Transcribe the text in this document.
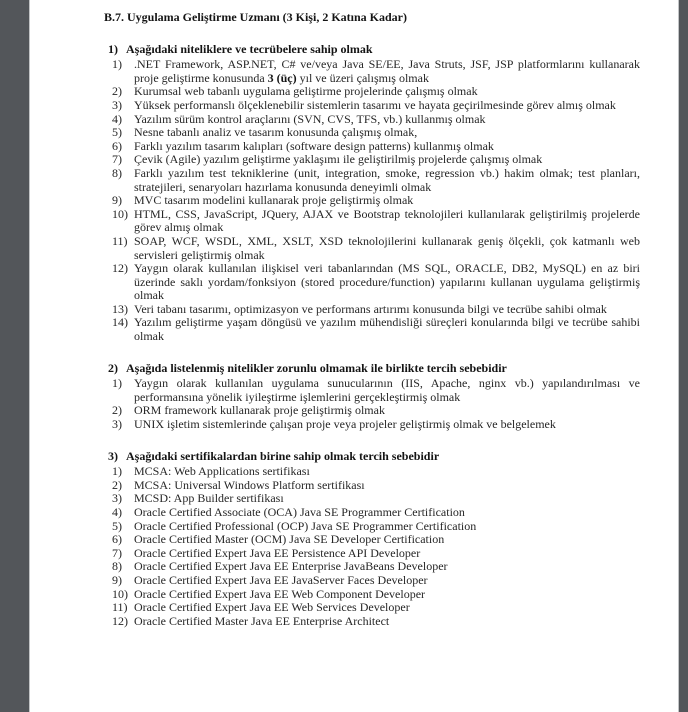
B.7. Uygulama Geliştirme Uzmanı (3 Kişi, 2 Katına Kadar)
1) Aşağıdaki niteliklere ve tecrübelere sahip olmak
1)	.NET Framework, ASP.NET, C# ve/veya Java SE/EE, Java Struts, JSF, JSP platformlarını kullanarak proje geliştirme konusunda 3 (üç) yıl ve üzeri çalışmış olmak
2)	Kurumsal web tabanlı uygulama geliştirme projelerinde çalışmış olmak
3)	Yüksek performanslı ölçeklenebilir sistemlerin tasarımı ve hayata geçirilmesinde görev almış olmak
4)	Yazılım sürüm kontrol araçlarını (SVN, CVS, TFS, vb.) kullanmış olmak
5)	Nesne tabanlı analiz ve tasarım konusunda çalışmış olmak,
6)	Farklı yazılım tasarım kalıpları (software design patterns) kullanmış olmak
7)	Çevik (Agile) yazılım geliştirme yaklaşımı ile geliştirilmiş projelerde çalışmış olmak
8)	Farklı yazılım test tekniklerine (unit, integration, smoke, regression vb.) hakim olmak; test planları, stratejileri, senaryoları hazırlama konusunda deneyimli olmak
9)	MVC tasarım modelini kullanarak proje geliştirmiş olmak
10) HTML, CSS, JavaScript, JQuery, AJAX ve Bootstrap teknolojileri kullanılarak geliştirilmiş projelerde görev almış olmak
11) SOAP, WCF, WSDL, XML, XSLT, XSD teknolojilerini kullanarak geniş ölçekli, çok katmanlı web servisleri geliştirmiş olmak
12) Yaygın olarak kullanılan ilişkisel veri tabanlarından (MS SQL, ORACLE, DB2, MySQL) en az biri üzerinde saklı yordam/fonksiyon (stored procedure/function) yapılarını kullanan uygulama geliştirmiş olmak
13) Veri tabanı tasarımı, optimizasyon ve performans artırımı konusunda bilgi ve tecrübe sahibi olmak
14) Yazılım geliştirme yaşam döngüsü ve yazılım mühendisliği süreçleri konularında bilgi ve tecrübe sahibi olmak
2) Aşağıda listelenmiş nitelikler zorunlu olmamak ile birlikte tercih sebebidir
1)	Yaygın olarak kullanılan uygulama sunucularının (IIS, Apache, nginx vb.) yapılandırılması ve performansına yönelik iyileştirme işlemlerini gerçekleştirmiş olmak
2)	ORM framework kullanarak proje geliştirmiş olmak
3)	UNIX işletim sistemlerinde çalışan proje veya projeler geliştirmiş olmak ve belgelemek
3) Aşağıdaki sertifikalardan birine sahip olmak tercih sebebidir
1)	MCSA: Web Applications sertifikası
2)	MCSA: Universal Windows Platform sertifikası
3)	MCSD: App Builder sertifikası
4)	Oracle Certified Associate (OCA) Java SE Programmer Certification
5)	Oracle Certified Professional (OCP) Java SE Programmer Certification
6)	Oracle Certified Master (OCM) Java SE Developer Certification
7)	Oracle Certified Expert Java EE Persistence API Developer
8)	Oracle Certified Expert Java EE Enterprise JavaBeans Developer
9)	Oracle Certified Expert Java EE JavaServer Faces Developer
10) Oracle Certified Expert Java EE Web Component Developer
11) Oracle Certified Expert Java EE Web Services Developer
12) Oracle Certified Master Java EE Enterprise Architect
